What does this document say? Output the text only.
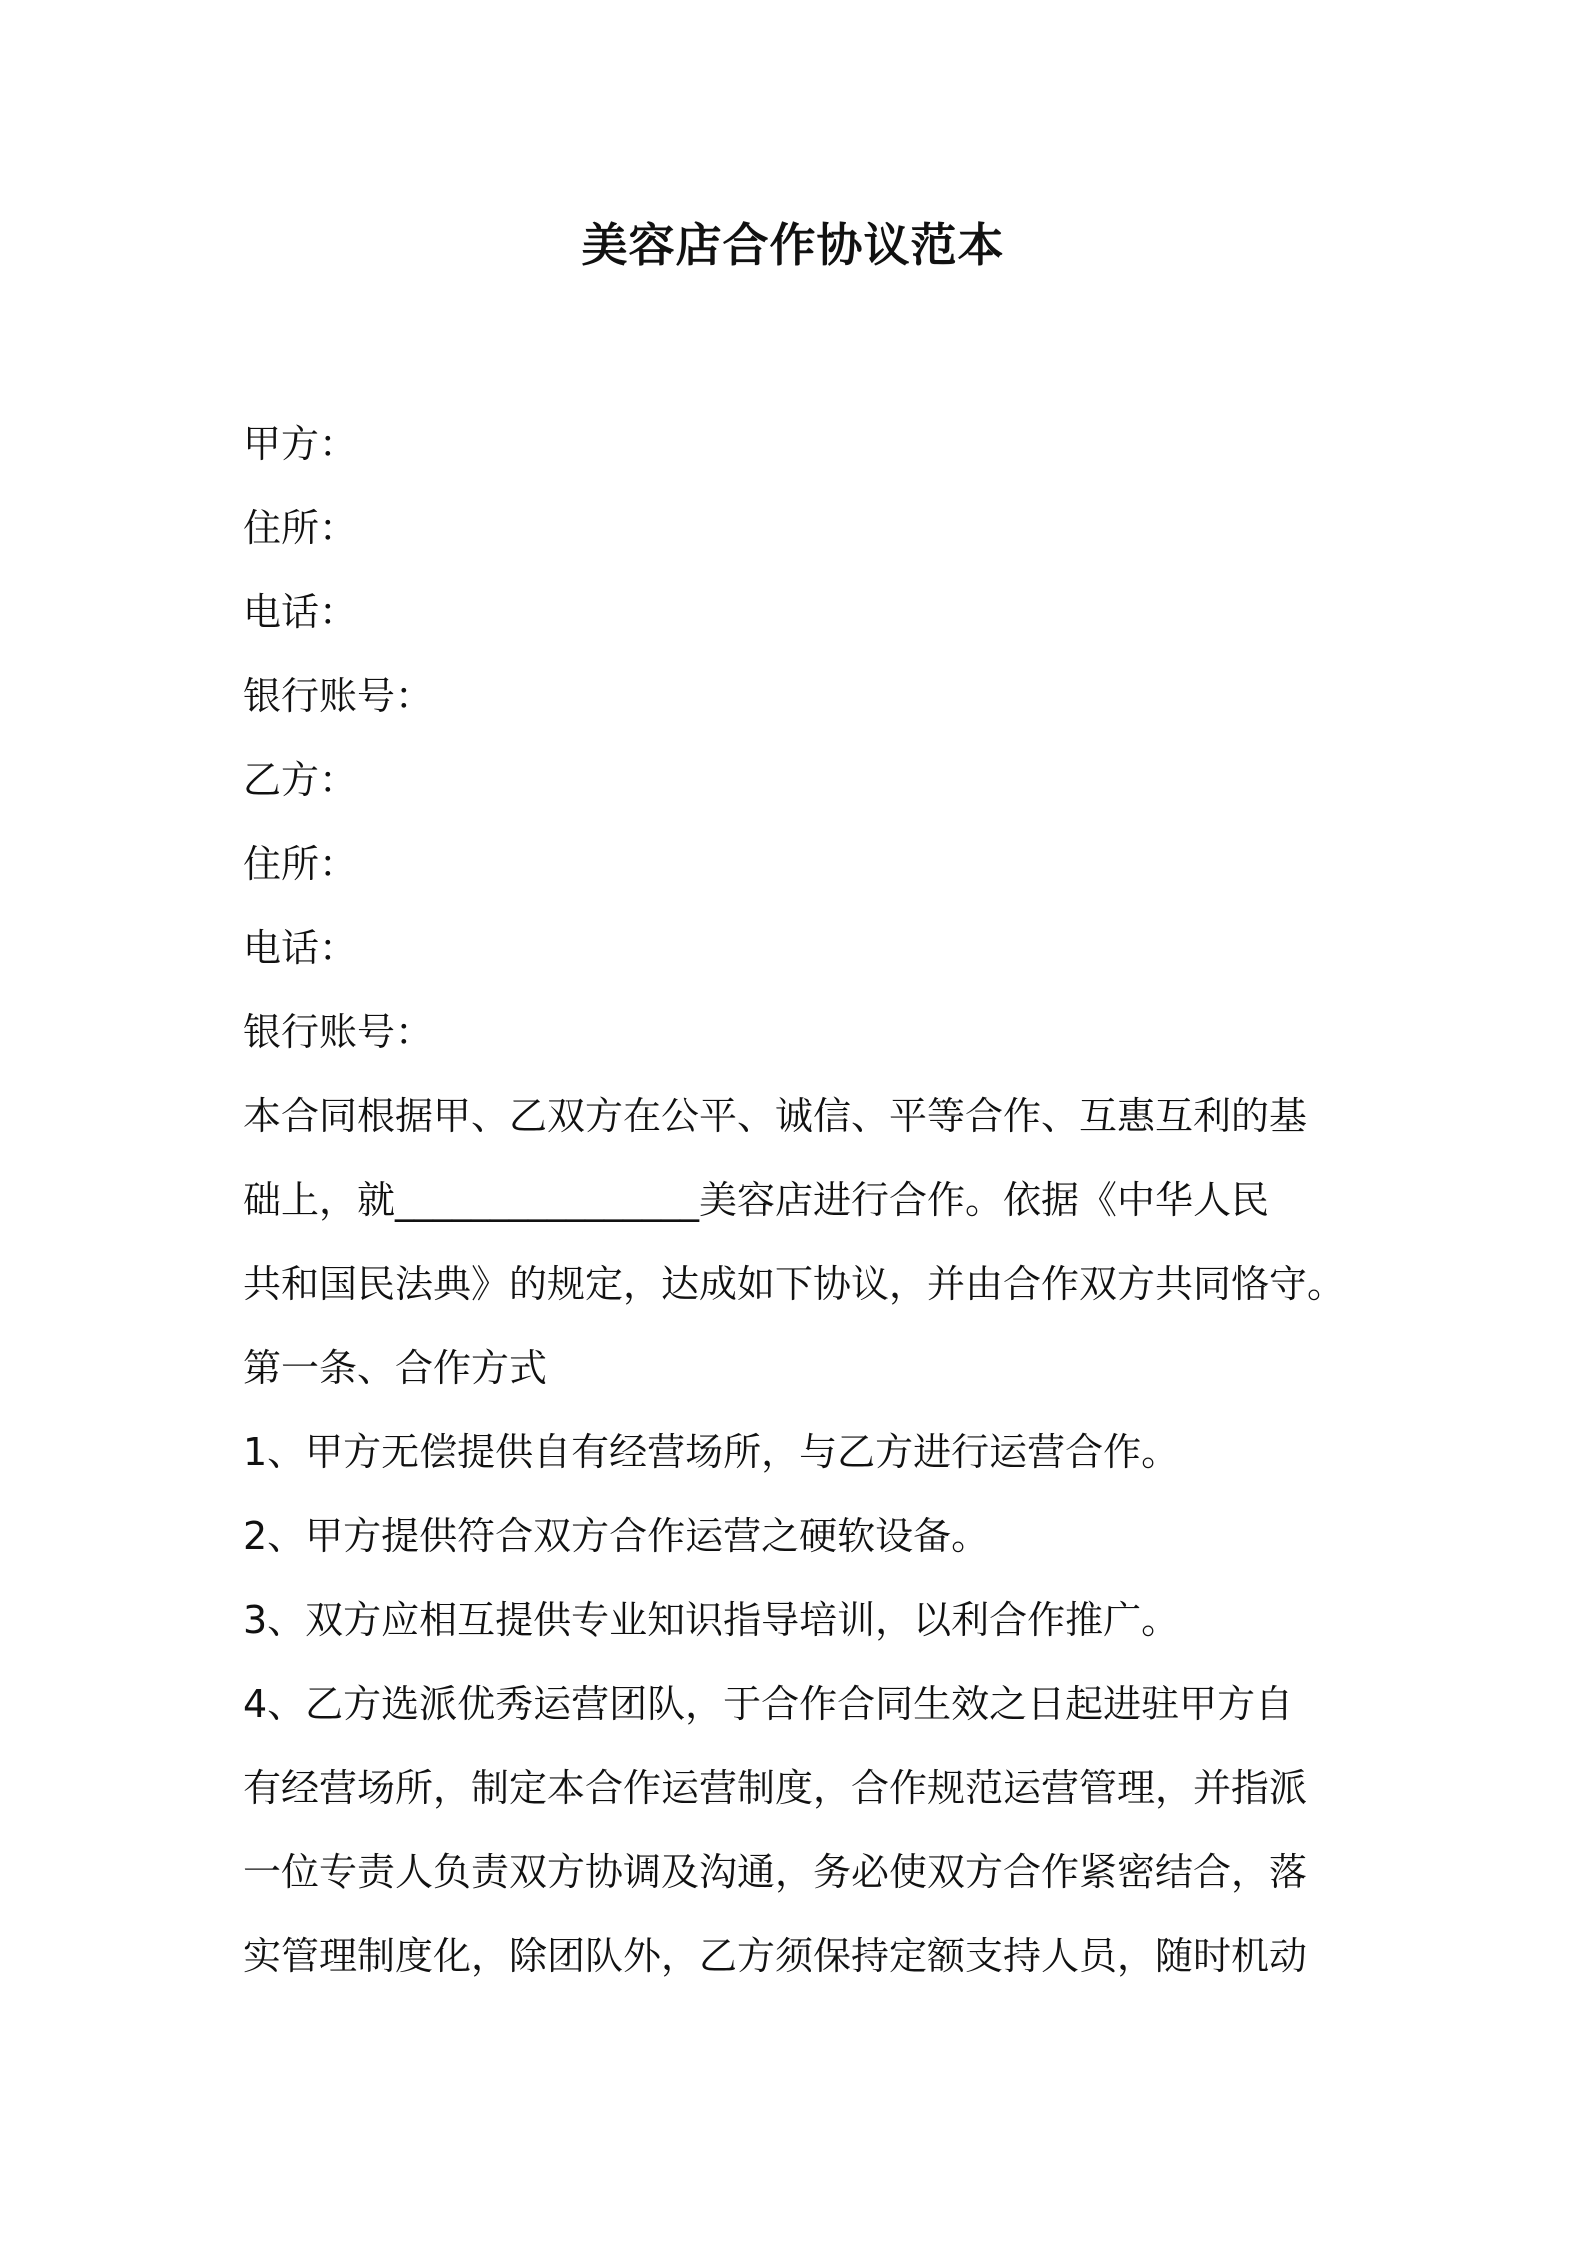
美容店合作协议范本
甲方：
住所：
电话：
银行账号：
乙方：
住所：
电话：
银行账号：
本合同根据甲、乙双方在公平、诚信、平等合作、互惠互利的基
础上，就________________美容店进行合作。依据《中华人民
共和国民法典》的规定，达成如下协议，并由合作双方共同恪守。
第一条、合作方式
1、甲方无偿提供自有经营场所，与乙方进行运营合作。
2、甲方提供符合双方合作运营之硬软设备。
3、双方应相互提供专业知识指导培训，以利合作推广。
4、乙方选派优秀运营团队，于合作合同生效之日起进驻甲方自
有经营场所，制定本合作运营制度，合作规范运营管理，并指派
一位专责人负责双方协调及沟通，务必使双方合作紧密结合，落
实管理制度化，除团队外，乙方须保持定额支持人员，随时机动
